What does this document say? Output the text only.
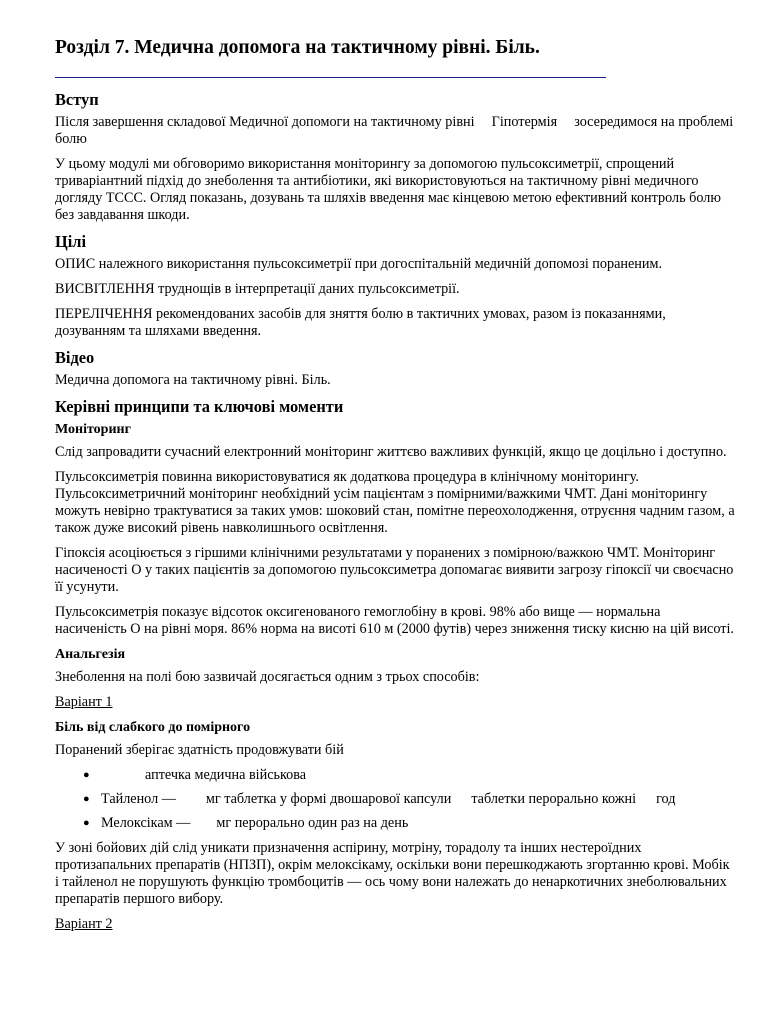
Розділ 7. Медична допомога на тактичному рівні. Біль.
Вступ

Після завершення складової Медичної допомоги на тактичному рівні Гіпотермія зосередимося на проблемі болю

У цьому модулі ми обговоримо використання моніторингу за допомогою пульсоксиметрії, спрощений триваріантний підхід до знеболення та антибіотики, які використовуються на тактичному рівні медичного догляду ТССС. Огляд показань, дозувань та шляхів введення має кінцевою метою ефективний контроль болю без завдавання шкоди.

Цілі

ОПИС належного використання пульсоксиметрії при догоспітальній медичній допомозі пораненим.

ВИСВІТЛЕННЯ труднощів в інтерпретації даних пульсоксиметрії.

ПЕРЕЛІЧЕННЯ рекомендованих засобів для зняття болю в тактичних умовах, разом із показаннями, дозуванням та шляхами введення.

Відео

Медична допомога на тактичному рівні. Біль.

Керівні принципи та ключові моменти
Моніторинг

Слід запровадити сучасний електронний моніторинг життєво важливих функцій, якщо це доцільно і доступно.

Пульсоксиметрія повинна використовуватися як додаткова процедура в клінічному моніторингу. Пульсоксиметричний моніторинг необхідний усім пацієнтам з помірними/важкими ЧМТ. Дані моніторингу можуть невірно трактуватися за таких умов: шоковий стан, помітне переохолодження, отруєння чадним газом, а також дуже високий рівень навколишнього освітлення.

Гіпоксія асоціюється з гіршими клінічними результатами у поранених з помірною/важкою ЧМТ. Моніторинг насиченості О у таких пацієнтів за допомогою пульсоксиметра допомагає виявити загрозу гіпоксії чи своєчасно її усунути.

Пульсоксиметрія показує відсоток оксигенованого гемоглобіну в крові. 98% або вище — нормальна насиченість О на рівні моря. 86% норма на висоті 610 м (2000 футів) через зниження тиску кисню на цій висоті.

Анальгезія

Знеболення на полі бою зазвичай досягається одним з трьох способів:

Варіант 1

Біль від слабкого до помірного

Поранений зберігає здатність продовжувати бій

●	аптечка медична військова
● Тайленол — мг таблетка у формі двошарової капсули таблетки перорально кожні год
● Мелоксікам — мг перорально один раз на день

У зоні бойових дій слід уникати призначення аспірину, мотріну, торадолу та інших нестероїдних протизапальних препаратів (НПЗП), окрім мелоксікаму, оскільки вони перешкоджають згортанню крові. Мобік і тайленол не порушують функцію тромбоцитів — ось чому вони належать до ненаркотичних знеболювальних препаратів першого вибору.

Варіант 2
